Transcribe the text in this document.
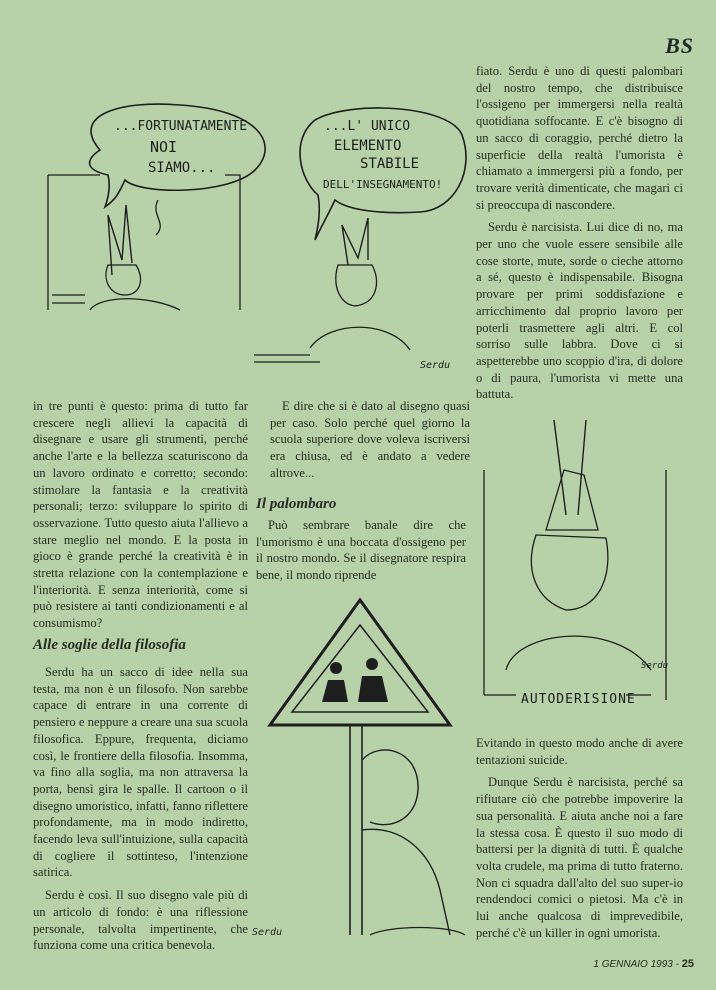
BS
...FORTUNATAMENTE
NOI
SIAMO...
...L' UNICO
ELEMENTO
STABILE
DELL'INSEGNAMENTO!
Serdu
AUTODERISIONE
Serdu
Serdu

in tre punti è questo: prima di tutto far crescere negli allievi la capacità di disegnare e usare gli strumenti, perché anche l'arte e la bellezza scaturiscono da un lavoro ordinato e corretto; secondo: stimolare la fantasia e la creatività personali; terzo: sviluppare lo spirito di osservazione. Tutto questo aiuta l'allievo a stare meglio nel mondo. E la posta in gioco è grande perché la creatività è in stretta relazione con la contemplazione e l'interiorità. E senza interiorità, come si può resistere ai tanti condizionamenti e al consumismo?

Alle soglie della filosofia

Serdu ha un sacco di idee nella sua testa, ma non è un filosofo. Non sarebbe capace di entrare in una corrente di pensiero e neppure a creare una sua scuola filosofica. Eppure, frequenta, diciamo così, le frontiere della filosofia. Insomma, va fino alla soglia, ma non attraversa la porta, bensì gira le spalle. Il cartoon o il disegno umoristico, infatti, fanno riflettere profondamente, ma in modo indiretto, facendo leva sull'intuizione, sulla capacità di cogliere il sottinteso, l'intenzione satirica.

Serdu è così. Il suo disegno vale più di un articolo di fondo: è una riflessione personale, talvolta impertinente, che funziona come una critica benevola.

E dire che si è dato al disegno quasi per caso. Solo perché quel giorno la scuola superiore dove voleva iscriversi era chiusa, ed è andato a vedere altrove...

Il palombaro

Può sembrare banale dire che l'umorismo è una boccata d'ossigeno per il nostro mondo. Se il disegnatore respira bene, il mondo riprende

fiato. Serdu è uno di questi palombari del nostro tempo, che distribuisce l'ossigeno per immergersi nella realtà quotidiana soffocante. E c'è bisogno di un sacco di coraggio, perché dietro la superficie della realtà l'umorista è chiamato a immergersi più a fondo, per trovare verità dimenticate, che magari ci si preoccupa di nascondere.

Serdu è narcisista. Lui dice di no, ma per uno che vuole essere sensibile alle cose storte, mute, sorde o cieche attorno a sé, questo è indispensabile. Bisogna provare per primi soddisfazione e arricchimento dal proprio lavoro per poterli trasmettere agli altri. E col sorriso sulle labbra. Dove ci si aspetterebbe uno scoppio d'ira, di dolore o di paura, l'umorista vi mette una battuta.

Evitando in questo modo anche di avere tentazioni suicide.

Dunque Serdu è narcisista, perché sa rifiutare ciò che potrebbe impoverire la sua personalità. E aiuta anche noi a fare la stessa cosa. È questo il suo modo di battersi per la dignità di tutti. È qualche volta crudele, ma prima di tutto fraterno. Non ci squadra dall'alto del suo super-io rendendoci comici o pietosi. Ma c'è in lui anche qualcosa di imprevedibile, perché c'è un killer in ogni umorista.

1 GENNAIO 1993 - 25
